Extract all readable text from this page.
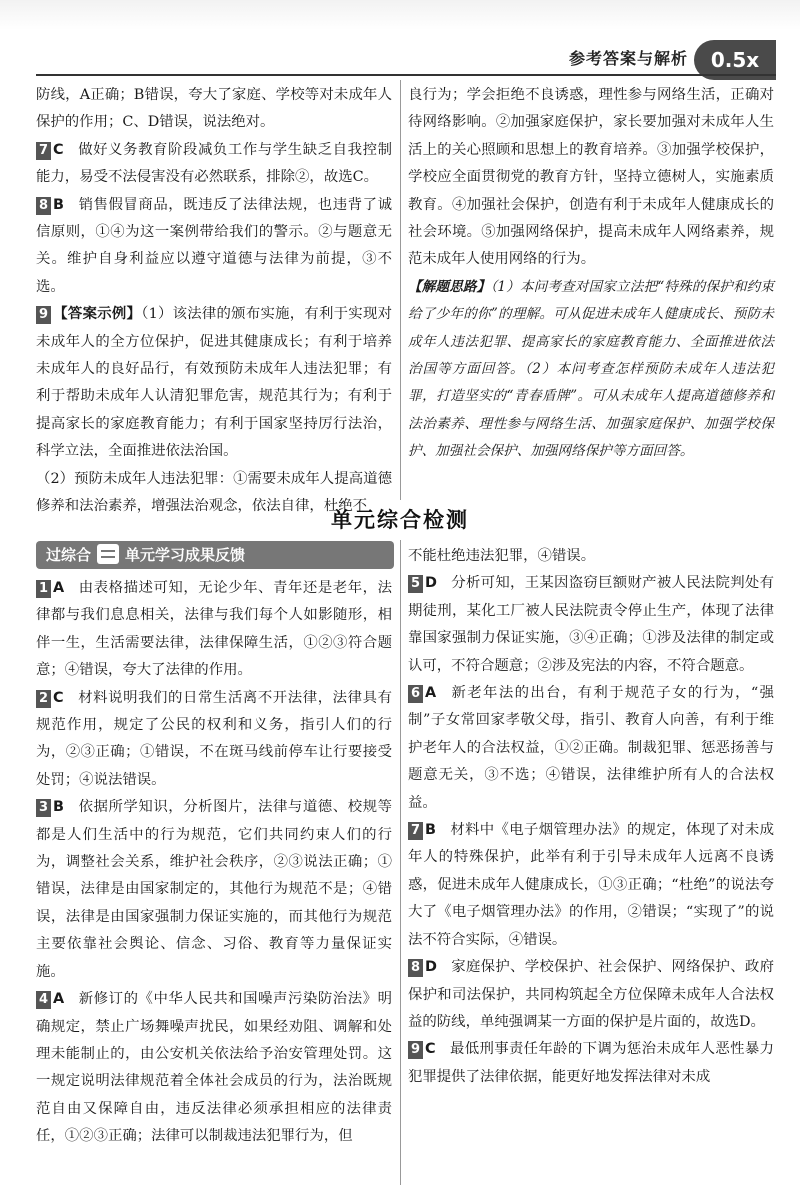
参考答案与解析	0.5x

防线，A正确；B错误，夸大了家庭、学校等对未成年人保护的作用；C、D错误，说法绝对。

7 C 做好义务教育阶段减负工作与学生缺乏自我控制能力，易受不法侵害没有必然联系，排除②，故选C。

8 B 销售假冒商品，既违反了法律法规，也违背了诚信原则，①④为这一案例带给我们的警示。②与题意无关。维护自身利益应以遵守道德与法律为前提，③不选。

9 【答案示例】（1）该法律的颁布实施，有利于实现对未成年人的全方位保护，促进其健康成长；有利于培养未成年人的良好品行，有效预防未成年人违法犯罪；有利于帮助未成年人认清犯罪危害，规范其行为；有利于提高家长的家庭教育能力；有利于国家坚持厉行法治，科学立法，全面推进依法治国。

（2）预防未成年人违法犯罪：①需要未成年人提高道德修养和法治素养，增强法治观念，依法自律，杜绝不

良行为；学会拒绝不良诱惑，理性参与网络生活，正确对待网络影响。②加强家庭保护，家长要加强对未成年人生活上的关心照顾和思想上的教育培养。③加强学校保护，学校应全面贯彻党的教育方针，坚持立德树人，实施素质教育。④加强社会保护，创造有利于未成年人健康成长的社会环境。⑤加强网络保护，提高未成年人网络素养，规范未成年人使用网络的行为。

【解题思路】（1）本问考查对国家立法把“特殊的保护和约束给了少年的你”的理解。可从促进未成年人健康成长、预防未成年人违法犯罪、提高家长的家庭教育能力、全面推进依法治国等方面回答。（2）本问考查怎样预防未成年人违法犯罪，打造坚实的“青春盾牌”。可从未成年人提高道德修养和法治素养、理性参与网络生活、加强家庭保护、加强学校保护、加强社会保护、加强网络保护等方面回答。

单元综合检测
过综合 单元学习成果反馈

1 A 由表格描述可知，无论少年、青年还是老年，法律都与我们息息相关，法律与我们每个人如影随形，相伴一生，生活需要法律，法律保障生活，①②③符合题意；④错误，夸大了法律的作用。

2 C 材料说明我们的日常生活离不开法律，法律具有规范作用，规定了公民的权利和义务，指引人们的行为，②③正确；①错误，不在斑马线前停车让行要接受处罚；④说法错误。

3 B 依据所学知识，分析图片，法律与道德、校规等都是人们生活中的行为规范，它们共同约束人们的行为，调整社会关系，维护社会秩序，②③说法正确；①错误，法律是由国家制定的，其他行为规范不是；④错误，法律是由国家强制力保证实施的，而其他行为规范主要依靠社会舆论、信念、习俗、教育等力量保证实施。

4 A 新修订的《中华人民共和国噪声污染防治法》明确规定，禁止广场舞噪声扰民，如果经劝阻、调解和处理未能制止的，由公安机关依法给予治安管理处罚。这一规定说明法律规范着全体社会成员的行为，法治既规范自由又保障自由，违反法律必须承担相应的法律责任，①②③正确；法律可以制裁违法犯罪行为，但

不能杜绝违法犯罪，④错误。

5 D 分析可知，王某因盗窃巨额财产被人民法院判处有期徒刑，某化工厂被人民法院责令停止生产，体现了法律靠国家强制力保证实施，③④正确；①涉及法律的制定或认可，不符合题意；②涉及宪法的内容，不符合题意。

6 A 新老年法的出台，有利于规范子女的行为，“强制”子女常回家孝敬父母，指引、教育人向善，有利于维护老年人的合法权益，①②正确。制裁犯罪、惩恶扬善与题意无关，③不选；④错误，法律维护所有人的合法权益。

7 B 材料中《电子烟管理办法》的规定，体现了对未成年人的特殊保护，此举有利于引导未成年人远离不良诱惑，促进未成年人健康成长，①③正确；“杜绝”的说法夸大了《电子烟管理办法》的作用，②错误；“实现了”的说法不符合实际，④错误。

8 D 家庭保护、学校保护、社会保护、网络保护、政府保护和司法保护，共同构筑起全方位保障未成年人合法权益的防线，单纯强调某一方面的保护是片面的，故选D。

9 C 最低刑事责任年龄的下调为惩治未成年人恶性暴力犯罪提供了法律依据，能更好地发挥法律对未成
